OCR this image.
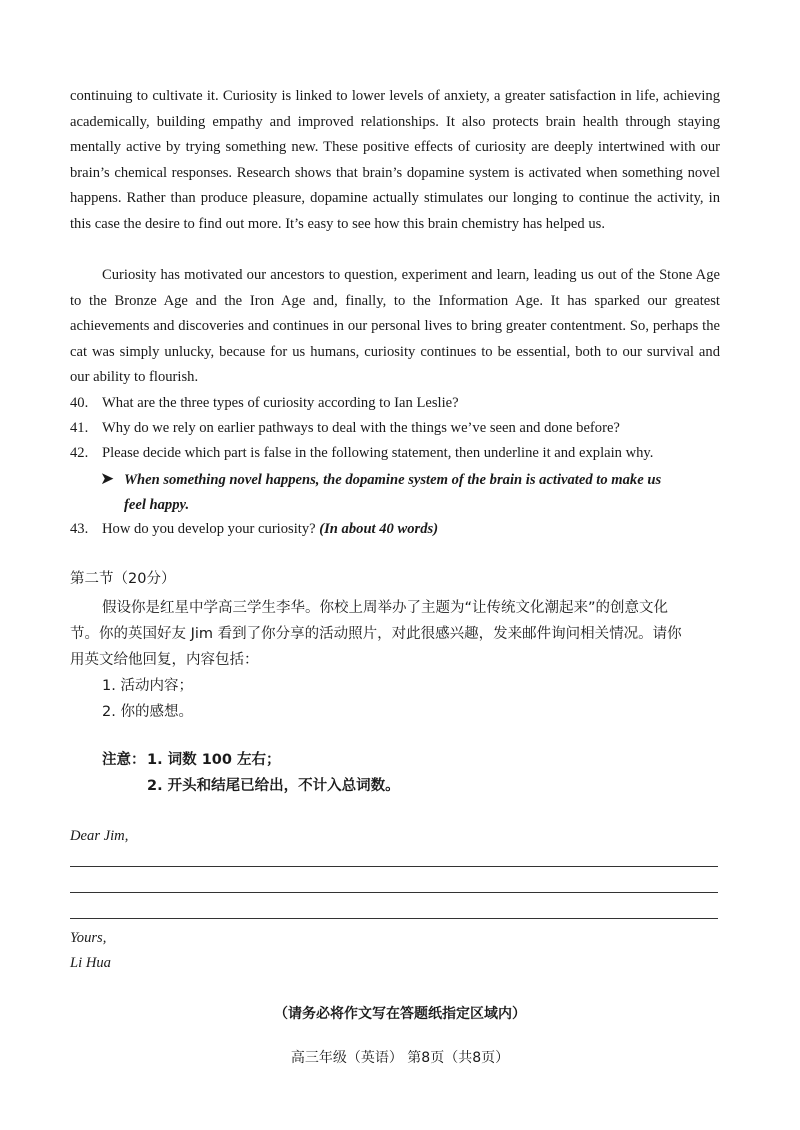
continuing to cultivate it. Curiosity is linked to lower levels of anxiety, a greater satisfaction in life, achieving academically, building empathy and improved relationships. It also protects brain health through staying mentally active by trying something new. These positive effects of curiosity are deeply intertwined with our brain’s chemical responses. Research shows that brain’s dopamine system is activated when something novel happens. Rather than produce pleasure, dopamine actually stimulates our longing to continue the activity, in this case the desire to find out more. It’s easy to see how this brain chemistry has helped us.

Curiosity has motivated our ancestors to question, experiment and learn, leading us out of the Stone Age to the Bronze Age and the Iron Age and, finally, to the Information Age. It has sparked our greatest achievements and discoveries and continues in our personal lives to bring greater contentment. So, perhaps the cat was simply unlucky, because for us humans, curiosity continues to be essential, both to our survival and our ability to flourish.

40. What are the three types of curiosity according to Ian Leslie?
41. Why do we rely on earlier pathways to deal with the things we’ve seen and done before?
42. Please decide which part is false in the following statement, then underline it and explain why.
➤ When something novel happens, the dopamine system of the brain is activated to make us
feel happy.
43. How do you develop your curiosity? (In about 40 words)
第二节（20分）
假设你是红星中学高三学生李华。你校上周举办了主题为“让传统文化潮起来”的创意文化
节。你的英国好友 Jim 看到了你分享的活动照片，对此很感兴趣，发来邮件询问相关情况。请你
用英文给他回复，内容包括：
1. 活动内容；
2. 你的感想。
注意： 1. 词数 100 左右；
2. 开头和结尾已给出，不计入总词数。
Dear Jim,
Yours,
Li Hua
（请务必将作文写在答题纸指定区域内）
高三年级（英语） 第8页（共8页）
